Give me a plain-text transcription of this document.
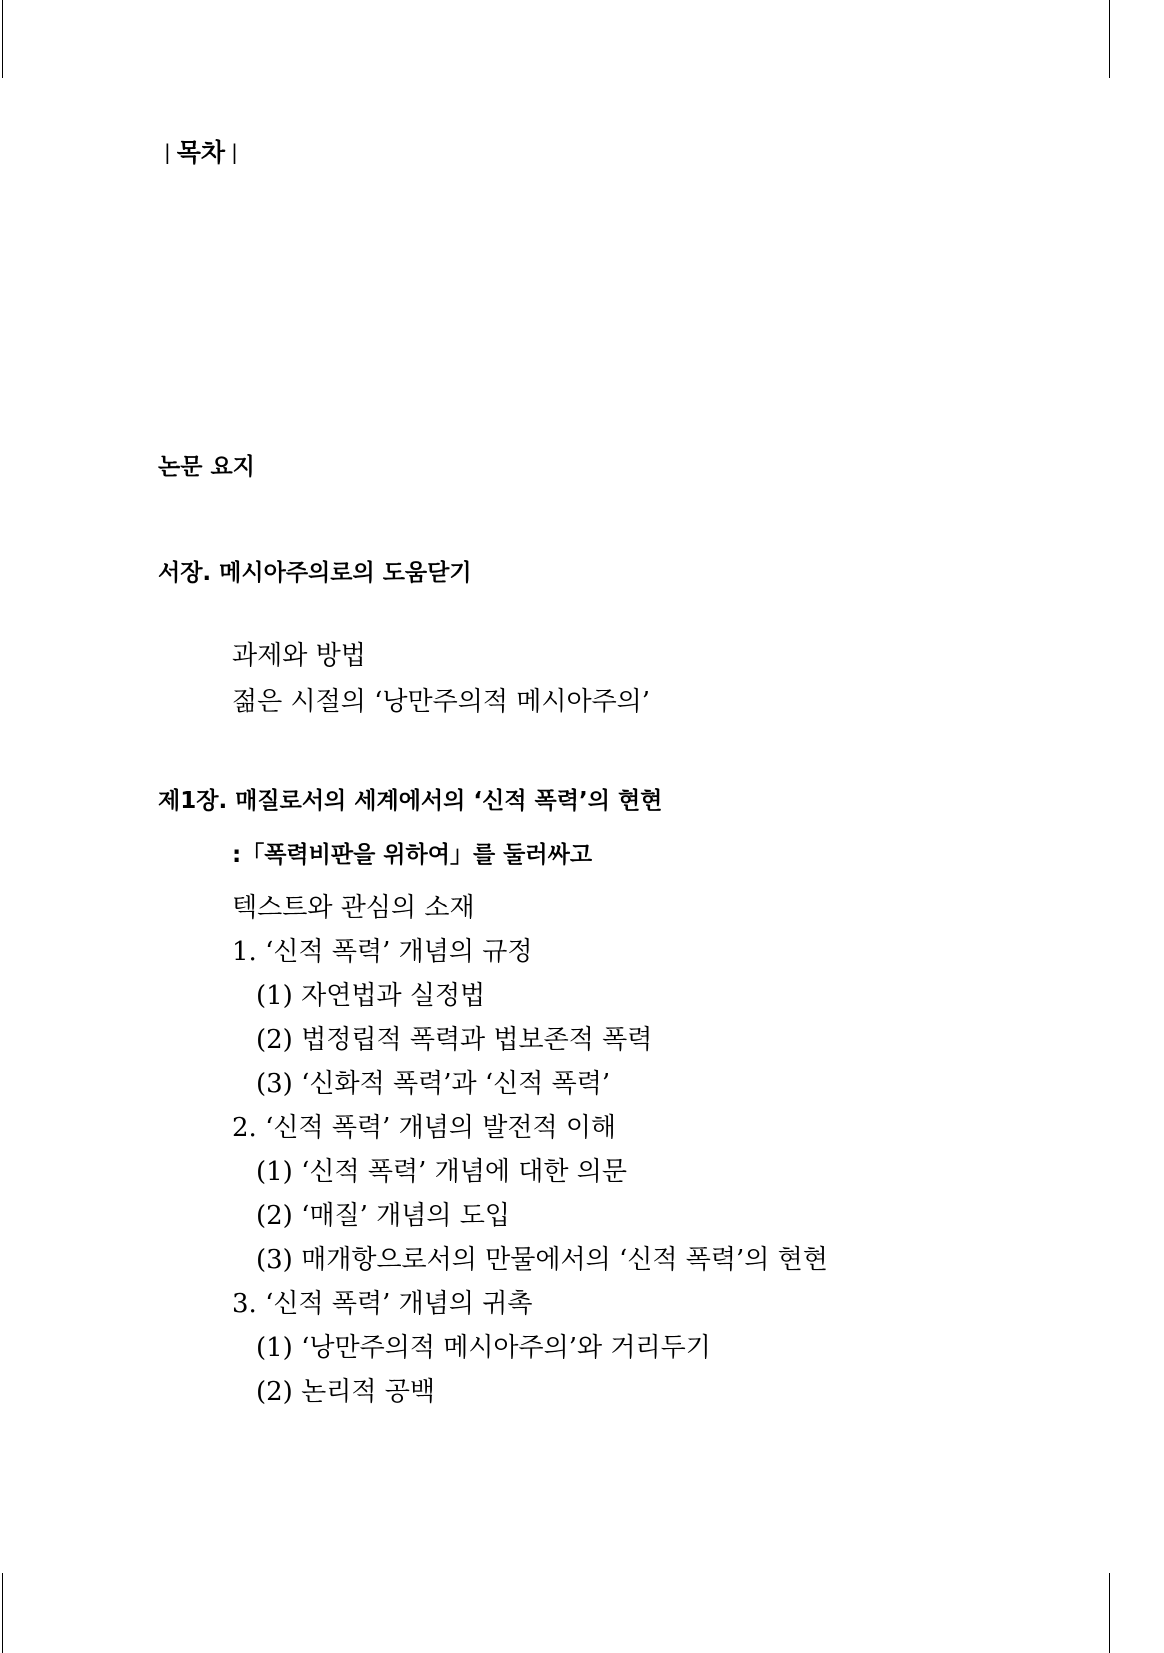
| 목차 |
논문 요지
서장. 메시아주의로의 도움닫기
과제와 방법
젊은 시절의 ‘낭만주의적 메시아주의’
제1장. 매질로서의 세계에서의 ‘신적 폭력’의 현현
:「폭력비판을 위하여」를 둘러싸고
텍스트와 관심의 소재
1. ‘신적 폭력’ 개념의 규정
(1) 자연법과 실정법
(2) 법정립적 폭력과 법보존적 폭력
(3) ‘신화적 폭력’과 ‘신적 폭력’
2. ‘신적 폭력’ 개념의 발전적 이해
(1) ‘신적 폭력’ 개념에 대한 의문
(2) ‘매질’ 개념의 도입
(3) 매개항으로서의 만물에서의 ‘신적 폭력’의 현현
3. ‘신적 폭력’ 개념의 귀촉
(1) ‘낭만주의적 메시아주의’와 거리두기
(2) 논리적 공백
